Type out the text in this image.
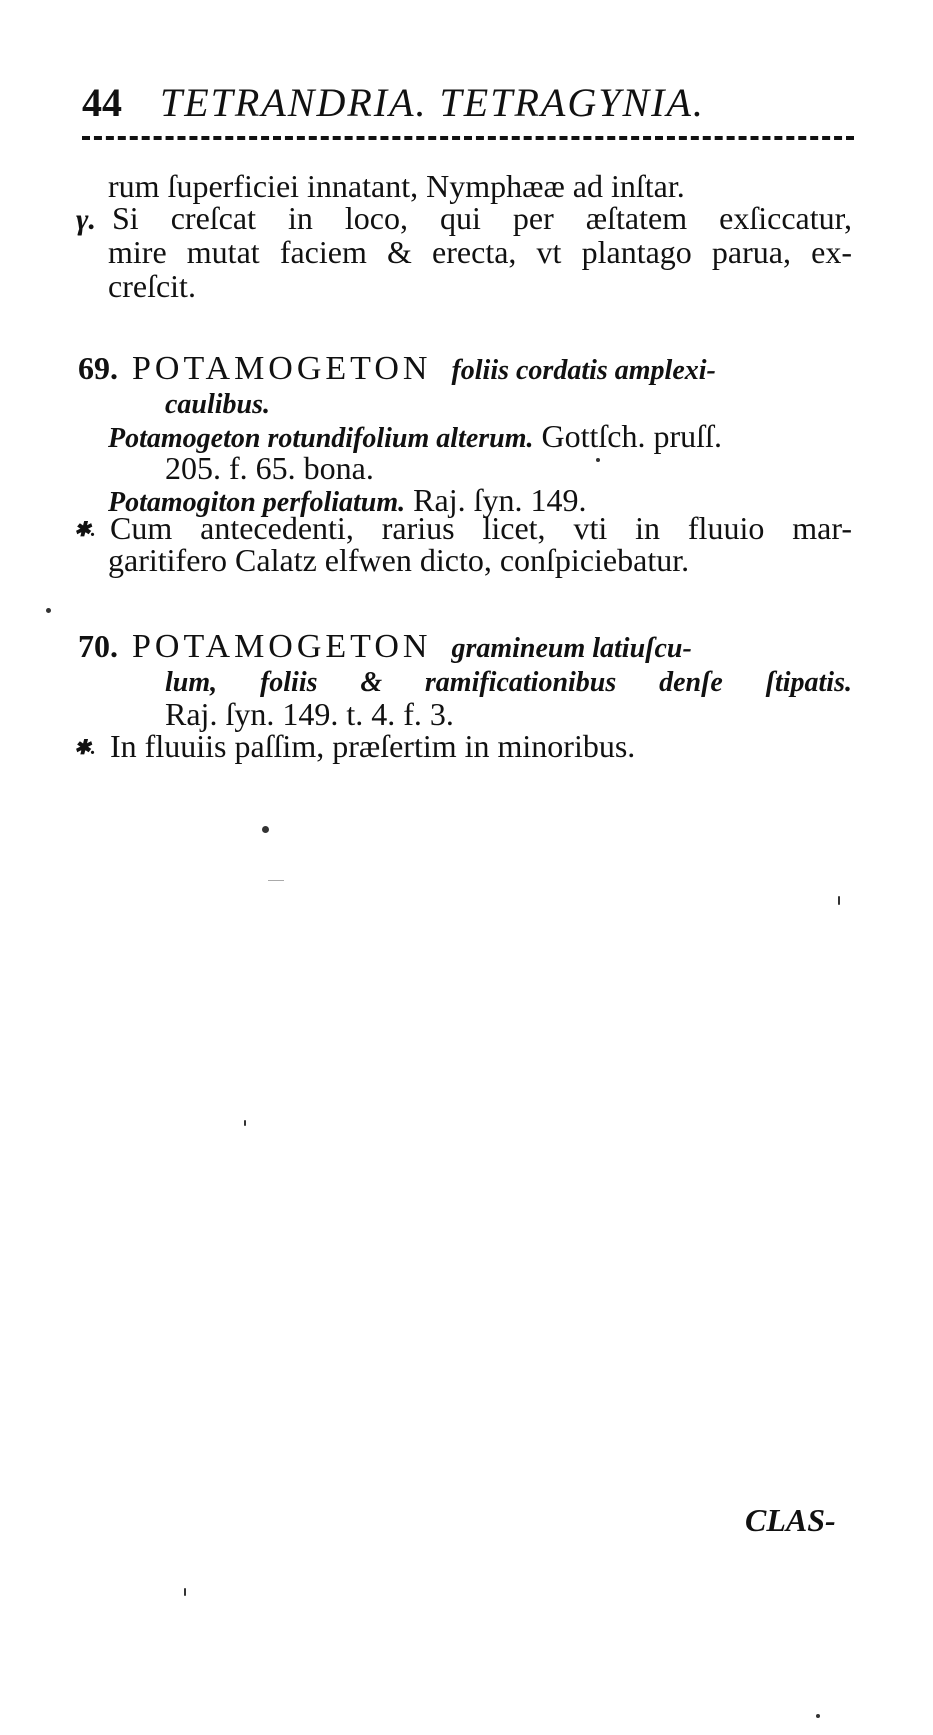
44 TETRANDRIA. TETRAGYNIA.
rum ſuperficiei innatant, Nymphææ ad inſtar.
γ. Si creſcat in loco, qui per æſtatem exſiccatur,
mire mutat faciem & erecta, vt plantago parua, ex-
creſcit.
69. POTAMOGETON foliis cordatis amplexi-
caulibus.
Potamogeton rotundifolium alterum. Gottſch. pruſſ.
205. f. 65. bona.
Potamogiton perfoliatum. Raj. ſyn. 149.
✱. Cum antecedenti, rarius licet, vti in fluuio mar-
garitifero Calatz elfwen dicto, conſpiciebatur.
70. POTAMOGETON gramineum latiuſcu-
lum, foliis & ramificationibus denſe ſtipatis.
Raj. ſyn. 149. t. 4. f. 3.
✱. In fluuiis paſſim, præſertim in minoribus.
CLAS-
